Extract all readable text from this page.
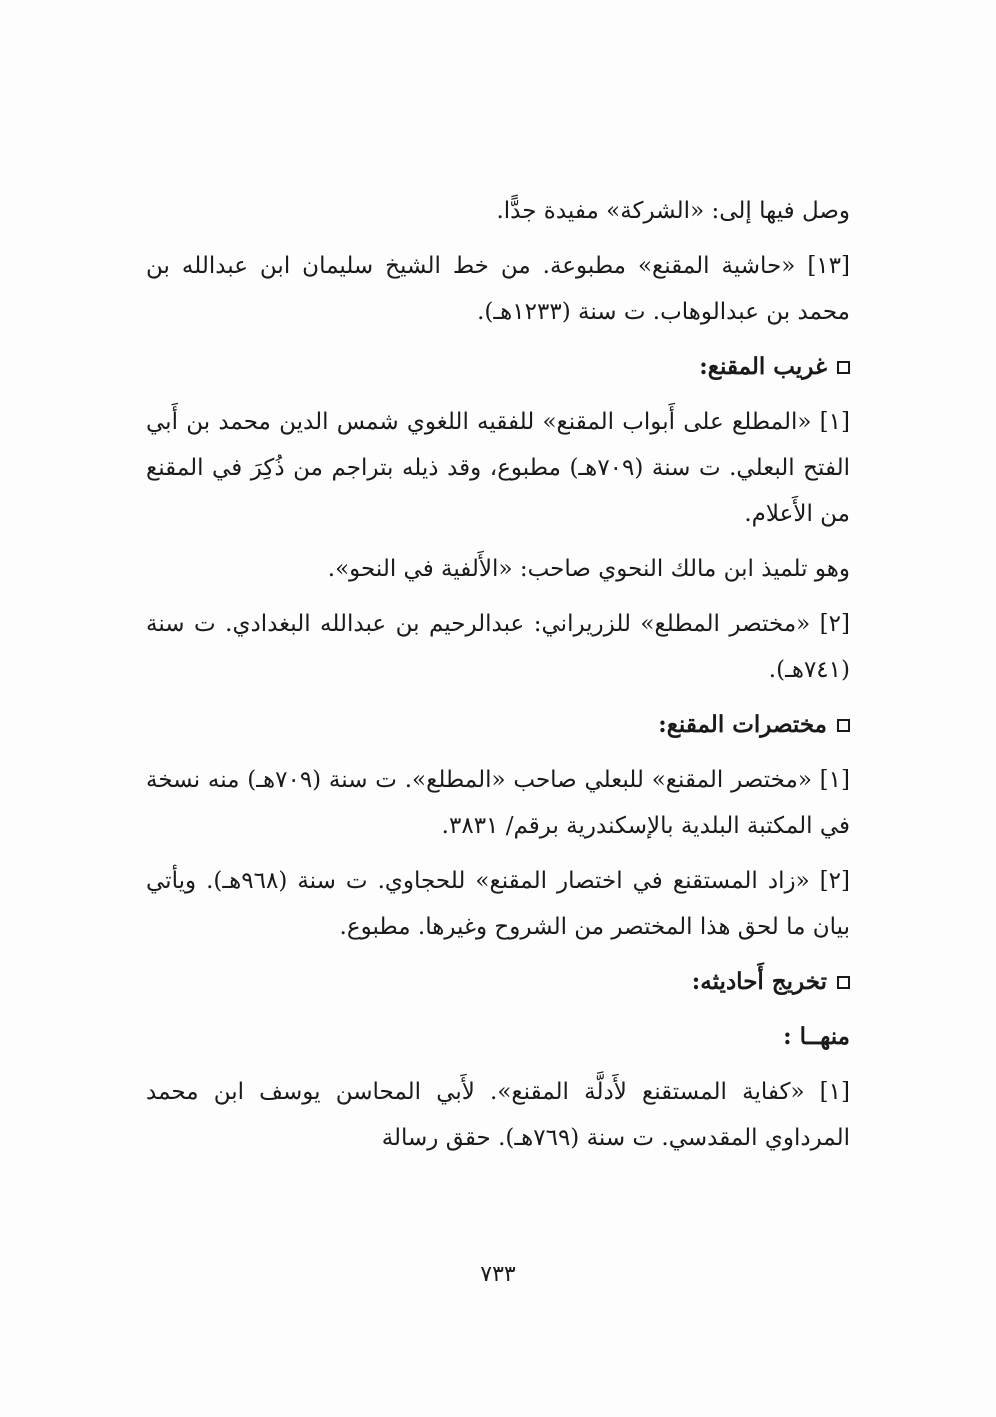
وصل فيها إلى: «الشركة» مفيدة جدًّا.

[١٣] «حاشية المقنع» مطبوعة. من خط الشيخ سليمان ابن عبدالله بن محمد بن عبدالوهاب. ت سنة (١٢٣٣هـ).

غريب المقنع:

[١] «المطلع على أَبواب المقنع» للفقيه اللغوي شمس الدين محمد بن أَبي الفتح البعلي. ت سنة (٧٠٩هـ) مطبوع، وقد ذيله بتراجم من ذُكِرَ في المقنع من الأَعلام.

وهو تلميذ ابن مالك النحوي صاحب: «الأَلفية في النحو».

[٢] «مختصر المطلع» للزريراني: عبدالرحيم بن عبدالله البغدادي. ت سنة (٧٤١هـ).

مختصرات المقنع:

[١] «مختصر المقنع» للبعلي صاحب «المطلع». ت سنة (٧٠٩هـ) منه نسخة في المكتبة البلدية بالإسكندرية برقم/ ٣٨٣١.

[٢] «زاد المستقنع في اختصار المقنع» للحجاوي. ت سنة (٩٦٨هـ). ويأتي بيان ما لحق هذا المختصر من الشروح وغيرها. مطبوع.

تخريج أَحاديثه:

منهــا :

[١] «كفاية المستقنع لأَدلَّة المقنع». لأَبي المحاسن يوسف ابن محمد المرداوي المقدسي. ت سنة (٧٦٩هـ). حقق رسالة

٧٣٣
